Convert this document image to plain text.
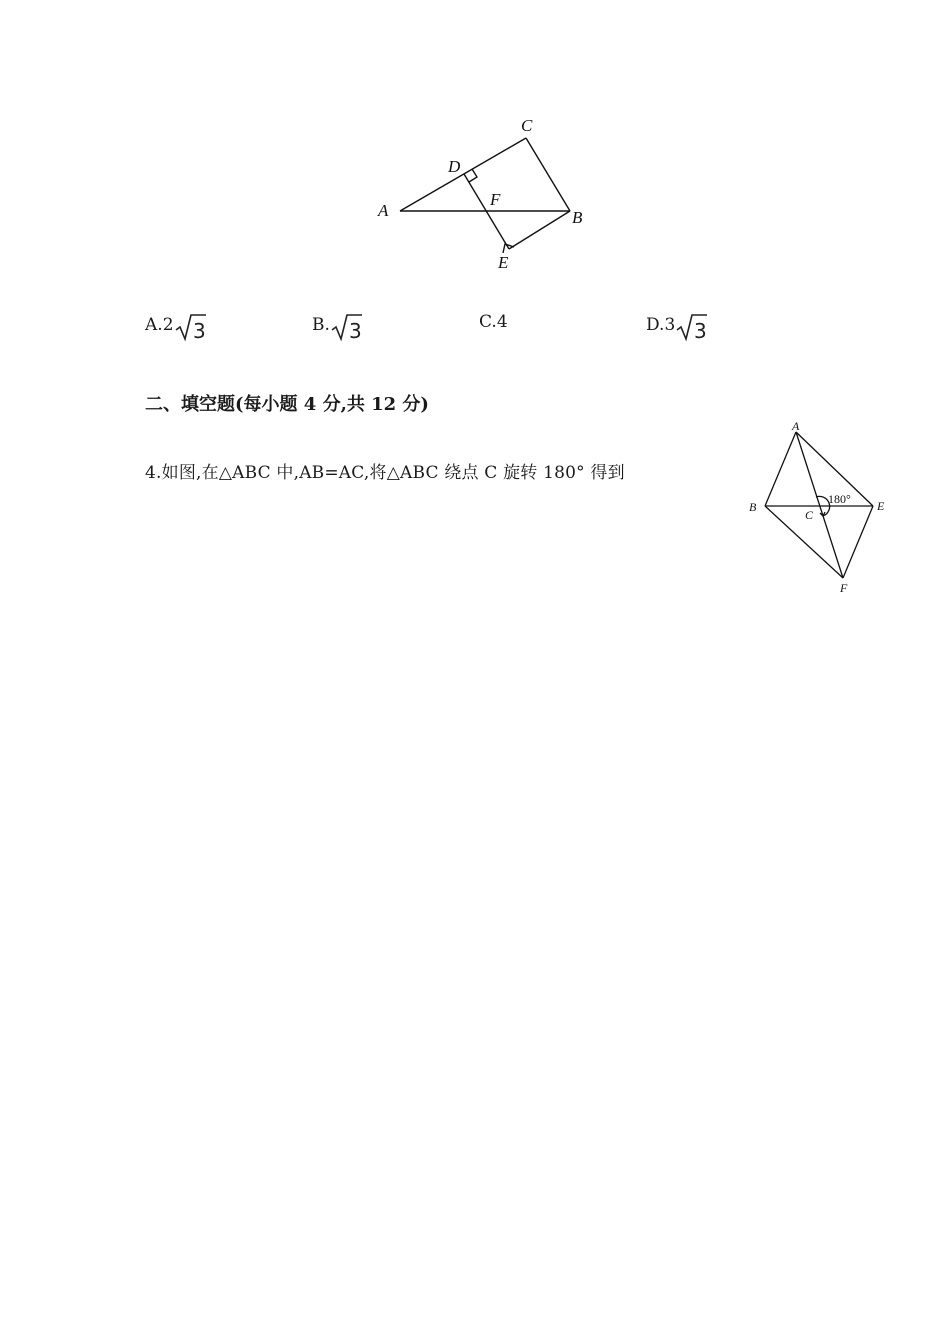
A	B
C
D
E
F
A.2 3	B. 3	C.4	D.3 3
二、填空题(每小题 4 分,共 12 分)
4.如图,在△ABC 中,AB=AC,将△ABC 绕点 C 旋转 180° 得到
A
B
C
E
F
180°
